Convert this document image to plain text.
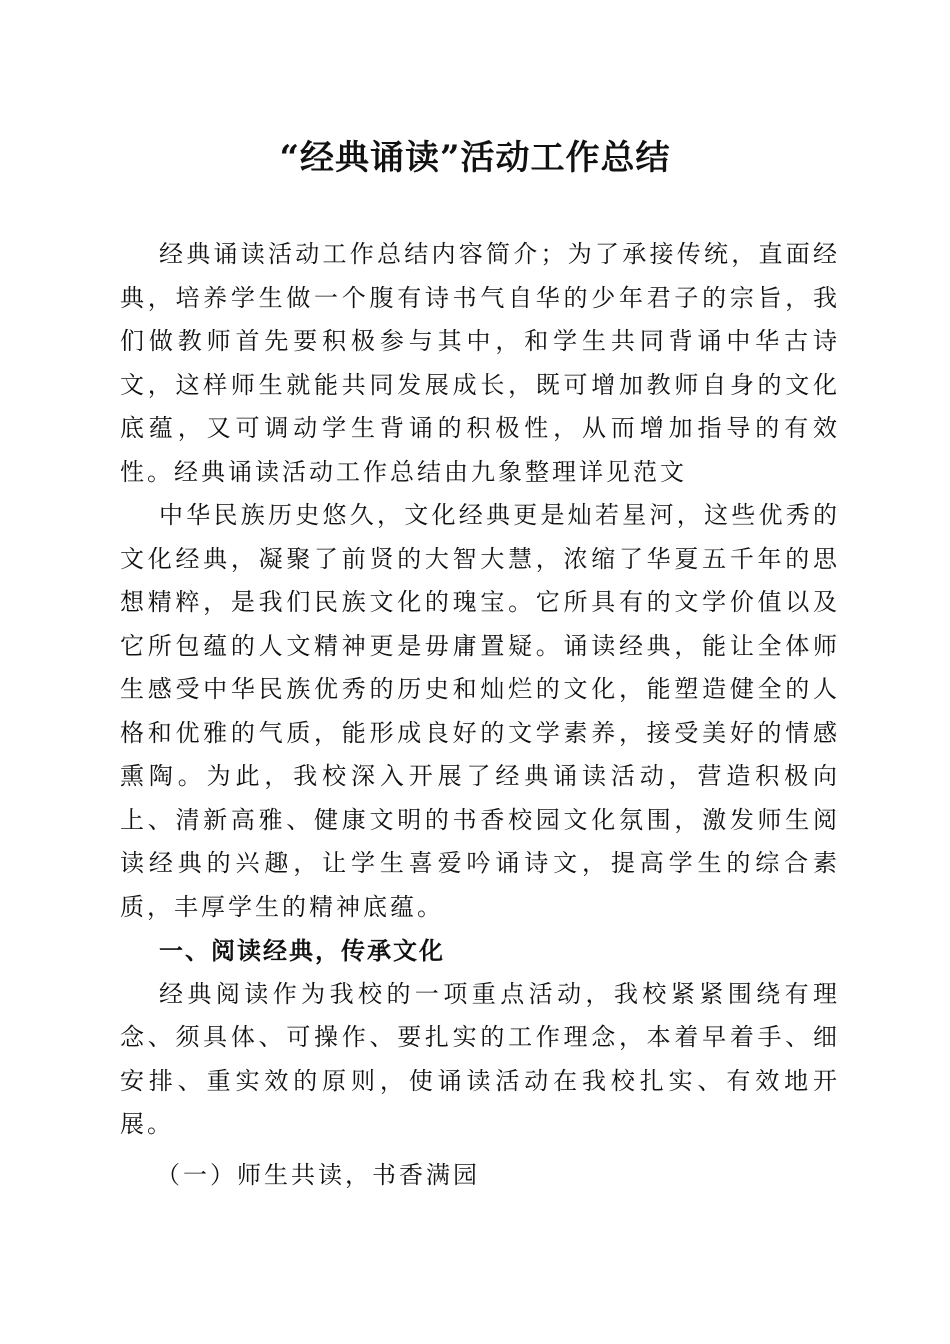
“经典诵读”活动工作总结

经典诵读活动工作总结内容简介；为了承接传统，直面经典，培养学生做一个腹有诗书气自华的少年君子的宗旨，我们做教师首先要积极参与其中，和学生共同背诵中华古诗文，这样师生就能共同发展成长，既可增加教师自身的文化底蕴，又可调动学生背诵的积极性，从而增加指导的有效性。经典诵读活动工作总结由九象整理详见范文

中华民族历史悠久，文化经典更是灿若星河，这些优秀的文化经典，凝聚了前贤的大智大慧，浓缩了华夏五千年的思想精粹，是我们民族文化的瑰宝。它所具有的文学价值以及它所包蕴的人文精神更是毋庸置疑。诵读经典，能让全体师生感受中华民族优秀的历史和灿烂的文化，能塑造健全的人格和优雅的气质，能形成良好的文学素养，接受美好的情感熏陶。为此，我校深入开展了经典诵读活动，营造积极向上、清新高雅、健康文明的书香校园文化氛围，激发师生阅读经典的兴趣，让学生喜爱吟诵诗文，提高学生的综合素质，丰厚学生的精神底蕴。

一、阅读经典，传承文化

经典阅读作为我校的一项重点活动，我校紧紧围绕有理念、须具体、可操作、要扎实的工作理念，本着早着手、细安排、重实效的原则，使诵读活动在我校扎实、有效地开展。

（一）师生共读，书香满园
